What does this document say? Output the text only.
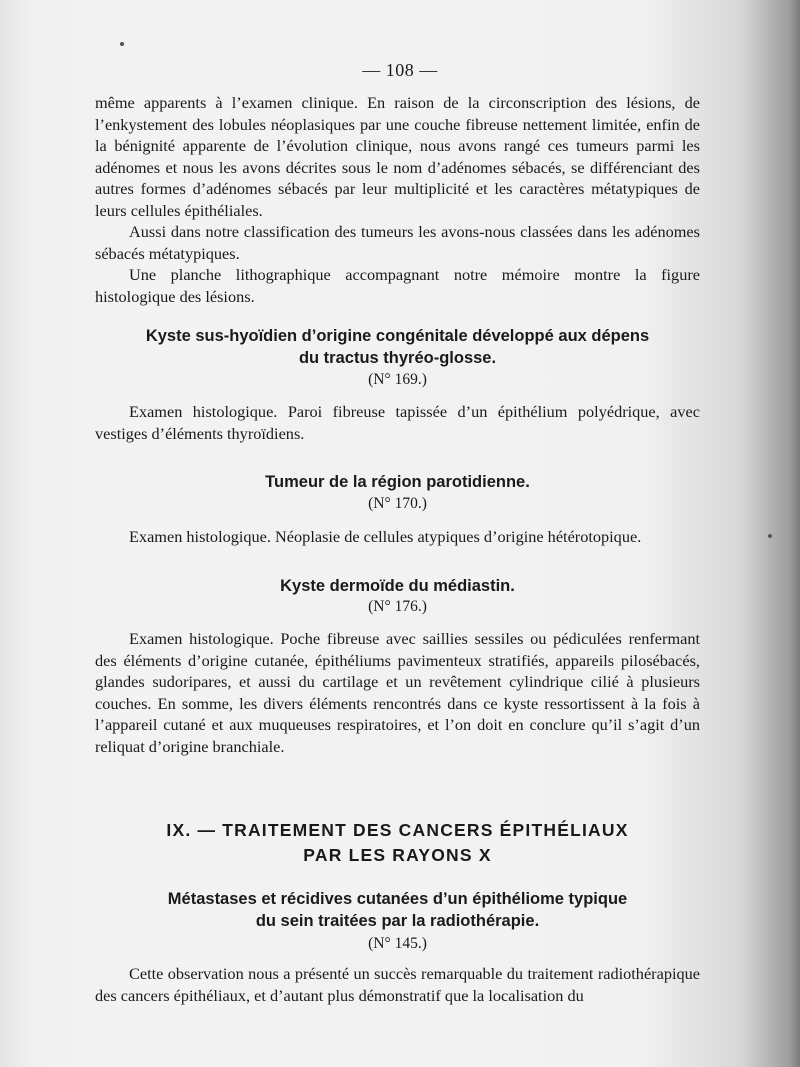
— 108 —

même apparents à l’examen clinique. En raison de la circonscription des lésions, de l’enkystement des lobules néoplasiques par une couche fibreuse nettement limitée, enfin de la bénignité apparente de l’évolution clinique, nous avons rangé ces tumeurs parmi les adénomes et nous les avons décrites sous le nom d’adénomes sébacés, se différenciant des autres formes d’adénomes sébacés par leur multiplicité et les caractères métatypiques de leurs cellules épithéliales.

Aussi dans notre classification des tumeurs les avons-nous classées dans les adénomes sébacés métatypiques.

Une planche lithographique accompagnant notre mémoire montre la figure histologique des lésions.

Kyste sus-hyoïdien d’origine congénitale développé aux dépens

du tractus thyréo-glosse.

(N° 169.)

Examen histologique. Paroi fibreuse tapissée d’un épithélium polyédrique, avec vestiges d’éléments thyroïdiens.

Tumeur de la région parotidienne.

(N° 170.)

Examen histologique. Néoplasie de cellules atypiques d’origine hétérotopique.

Kyste dermoïde du médiastin.

(N° 176.)

Examen histologique. Poche fibreuse avec saillies sessiles ou pédiculées renfermant des éléments d’origine cutanée, épithéliums pavimenteux stratifiés, appareils pilosébacés, glandes sudoripares, et aussi du cartilage et un revêtement cylindrique cilié à plusieurs couches. En somme, les divers éléments rencontrés dans ce kyste ressortissent à la fois à l’appareil cutané et aux muqueuses respiratoires, et l’on doit en conclure qu’il s’agit d’un reliquat d’origine branchiale.

IX. — TRAITEMENT DES CANCERS ÉPITHÉLIAUX

PAR LES RAYONS X

Métastases et récidives cutanées d’un épithéliome typique

du sein traitées par la radiothérapie.

(N° 145.)

Cette observation nous a présenté un succès remarquable du traitement radiothérapique des cancers épithéliaux, et d’autant plus démonstratif que la localisation du
